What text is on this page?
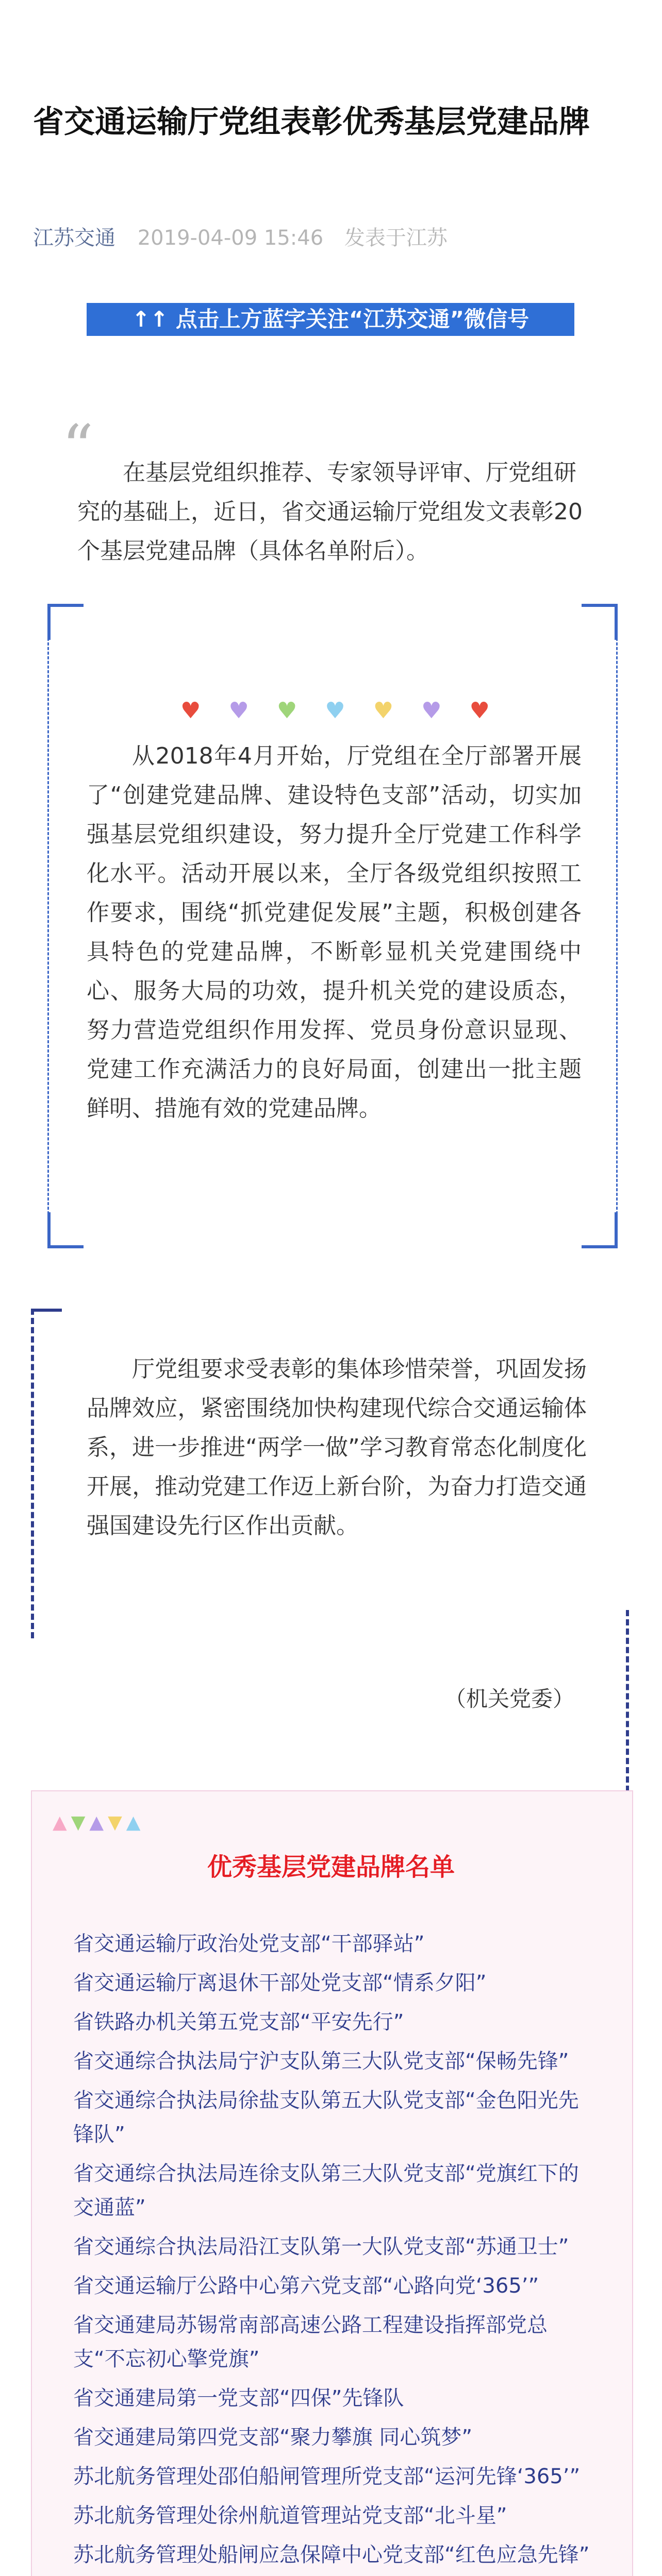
省交通运输厅党组表彰优秀基层党建品牌
江苏交通 2019-04-09 15:46 发表于江苏
↑↑ 点击上方蓝字关注“江苏交通”微信号
“	在基层党组织推荐、专家领导评审、厅党组研究的基础上，近日，省交通运输厅党组发文表彰20个基层党建品牌（具体名单附后）。
♥ ♥ ♥ ♥ ♥ ♥ ♥
从2018年4月开始，厅党组在全厅部署开展了“创建党建品牌、建设特色支部”活动，切实加强基层党组织建设，努力提升全厅党建工作科学化水平。活动开展以来，全厅各级党组织按照工作要求，围绕“抓党建促发展”主题，积极创建各具特色的党建品牌，不断彰显机关党建围绕中心、服务大局的功效，提升机关党的建设质态，努力营造党组织作用发挥、党员身份意识显现、党建工作充满活力的良好局面，创建出一批主题鲜明、措施有效的党建品牌。
厅党组要求受表彰的集体珍惜荣誉，巩固发扬品牌效应，紧密围绕加快构建现代综合交通运输体系，进一步推进“两学一做”学习教育常态化制度化开展，推动党建工作迈上新台阶，为奋力打造交通强国建设先行区作出贡献。
（机关党委）
▲▼▲▼▲
优秀基层党建品牌名单
省交通运输厅政治处党支部“干部驿站”
省交通运输厅离退休干部处党支部“情系夕阳”
省铁路办机关第五党支部“平安先行”
省交通综合执法局宁沪支队第三大队党支部“保畅先锋”
省交通综合执法局徐盐支队第五大队党支部“金色阳光先锋队”
省交通综合执法局连徐支队第三大队党支部“党旗红下的交通蓝”
省交通综合执法局沿江支队第一大队党支部“苏通卫士”
省交通运输厅公路中心第六党支部“心路向党‘365’”
省交通建局苏锡常南部高速公路工程建设指挥部党总支“不忘初心擎党旗”
省交通建局第一党支部“四保”先锋队
省交通建局第四党支部“聚力攀旗 同心筑梦”
苏北航务管理处邵伯船闸管理所党支部“运河先锋‘365’”
苏北航务管理处徐州航道管理站党支部“北斗星”
苏北航务管理处船闸应急保障中心党支部“红色应急先锋”
